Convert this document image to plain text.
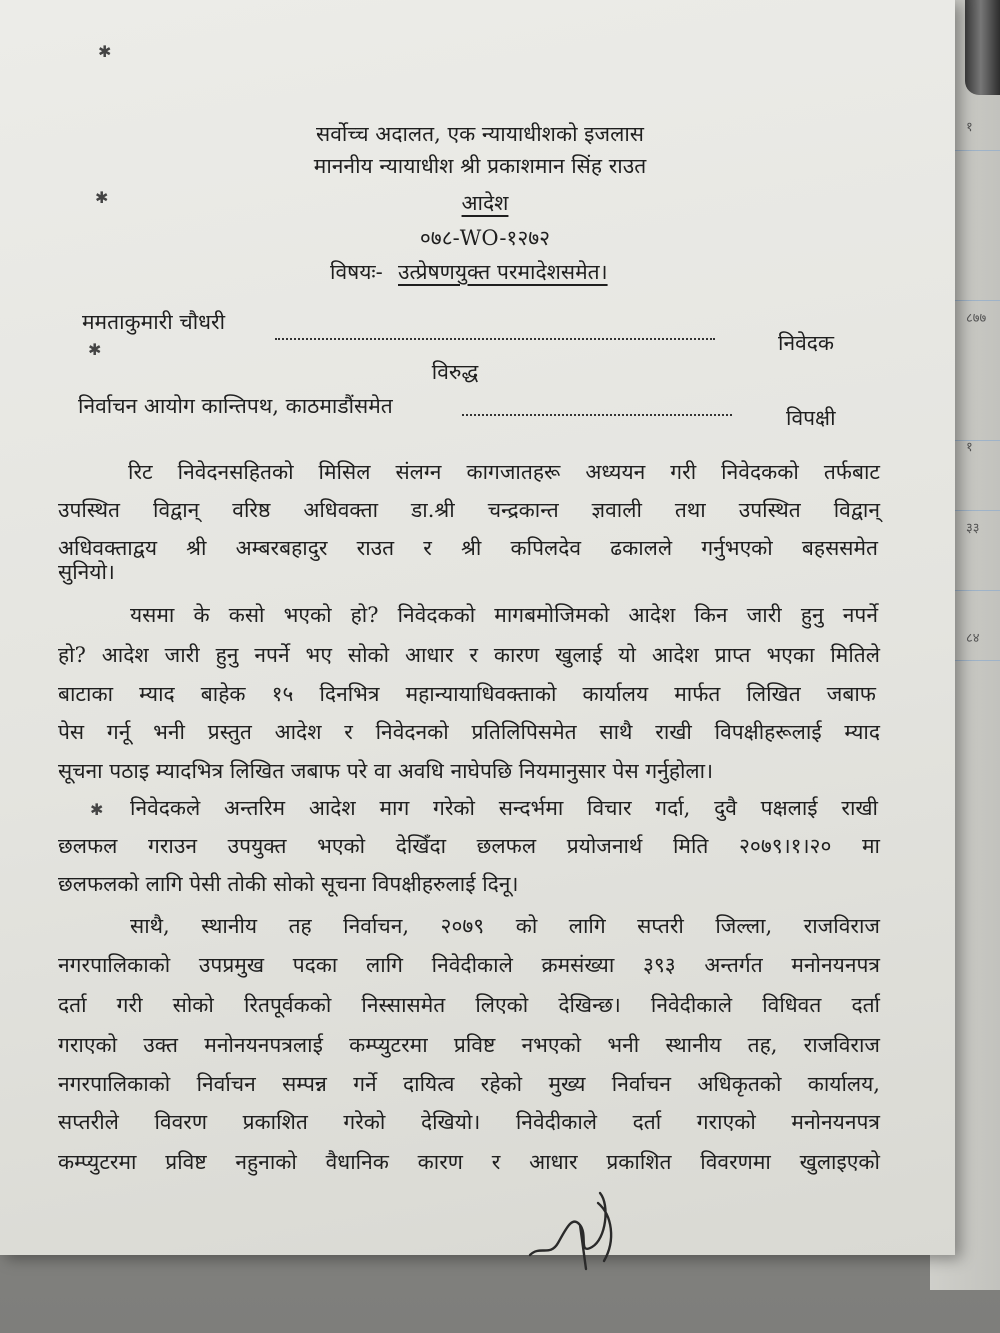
१
८७७
१
३३
८४
सर्वोच्च अदालत, एक न्यायाधीशको इजलास
माननीय न्यायाधीश श्री प्रकाशमान सिंह राउत
आदेश
०७८-WO-१२७२
विषयः- उत्प्रेषणयुक्त परमादेशसमेत।
ममताकुमारी चौधरी
निवेदक
विरुद्ध
निर्वाचन आयोग कान्तिपथ, काठमाडौंसमेत	विपक्षी
रिट निवेदनसहितको मिसिल संलग्न कागजातहरू अध्ययन गरी निवेदकको तर्फबाट
उपस्थित विद्वान् वरिष्ठ अधिवक्ता डा.श्री चन्द्रकान्त ज्ञवाली तथा उपस्थित विद्वान्
अधिवक्ताद्वय श्री अम्बरबहादुर राउत र श्री कपिलदेव ढकालले गर्नुभएको बहससमेत
सुनियो।
यसमा के कसो भएको हो? निवेदकको मागबमोजिमको आदेश किन जारी हुनु नपर्ने
हो? आदेश जारी हुनु नपर्ने भए सोको आधार र कारण खुलाई यो आदेश प्राप्त भएका मितिले
बाटाका म्याद बाहेक १५ दिनभित्र महान्यायाधिवक्ताको कार्यालय मार्फत लिखित जबाफ
पेस गर्नू भनी प्रस्तुत आदेश र निवेदनको प्रतिलिपिसमेत साथै राखी विपक्षीहरूलाई म्याद
सूचना पठाइ म्यादभित्र लिखित जबाफ परे वा अवधि नाघेपछि नियमानुसार पेस गर्नुहोला।
निवेदकले अन्तरिम आदेश माग गरेको सन्दर्भमा विचार गर्दा, दुवै पक्षलाई राखी
छलफल गराउन उपयुक्त भएको देखिँदा छलफल प्रयोजनार्थ मिति २०७९।१।२० मा
छलफलको लागि पेसी तोकी सोको सूचना विपक्षीहरुलाई दिनू।
साथै, स्थानीय तह निर्वाचन, २०७९ को लागि सप्तरी जिल्ला, राजविराज
नगरपालिकाको उपप्रमुख पदका लागि निवेदीकाले क्रमसंख्या ३९३ अन्तर्गत मनोनयनपत्र
दर्ता गरी सोको रितपूर्वकको निस्सासमेत लिएको देखिन्छ। निवेदीकाले विधिवत दर्ता
गराएको उक्त मनोनयनपत्रलाई कम्प्युटरमा प्रविष्ट नभएको भनी स्थानीय तह, राजविराज
नगरपालिकाको निर्वाचन सम्पन्न गर्ने दायित्व रहेको मुख्य निर्वाचन अधिकृतको कार्यालय,
सप्तरीले विवरण प्रकाशित गरेको देखियो। निवेदीकाले दर्ता गराएको मनोनयनपत्र
कम्प्युटरमा प्रविष्ट नहुनाको वैधानिक कारण र आधार प्रकाशित विवरणमा खुलाइएको
✱
✱
✱
✱
